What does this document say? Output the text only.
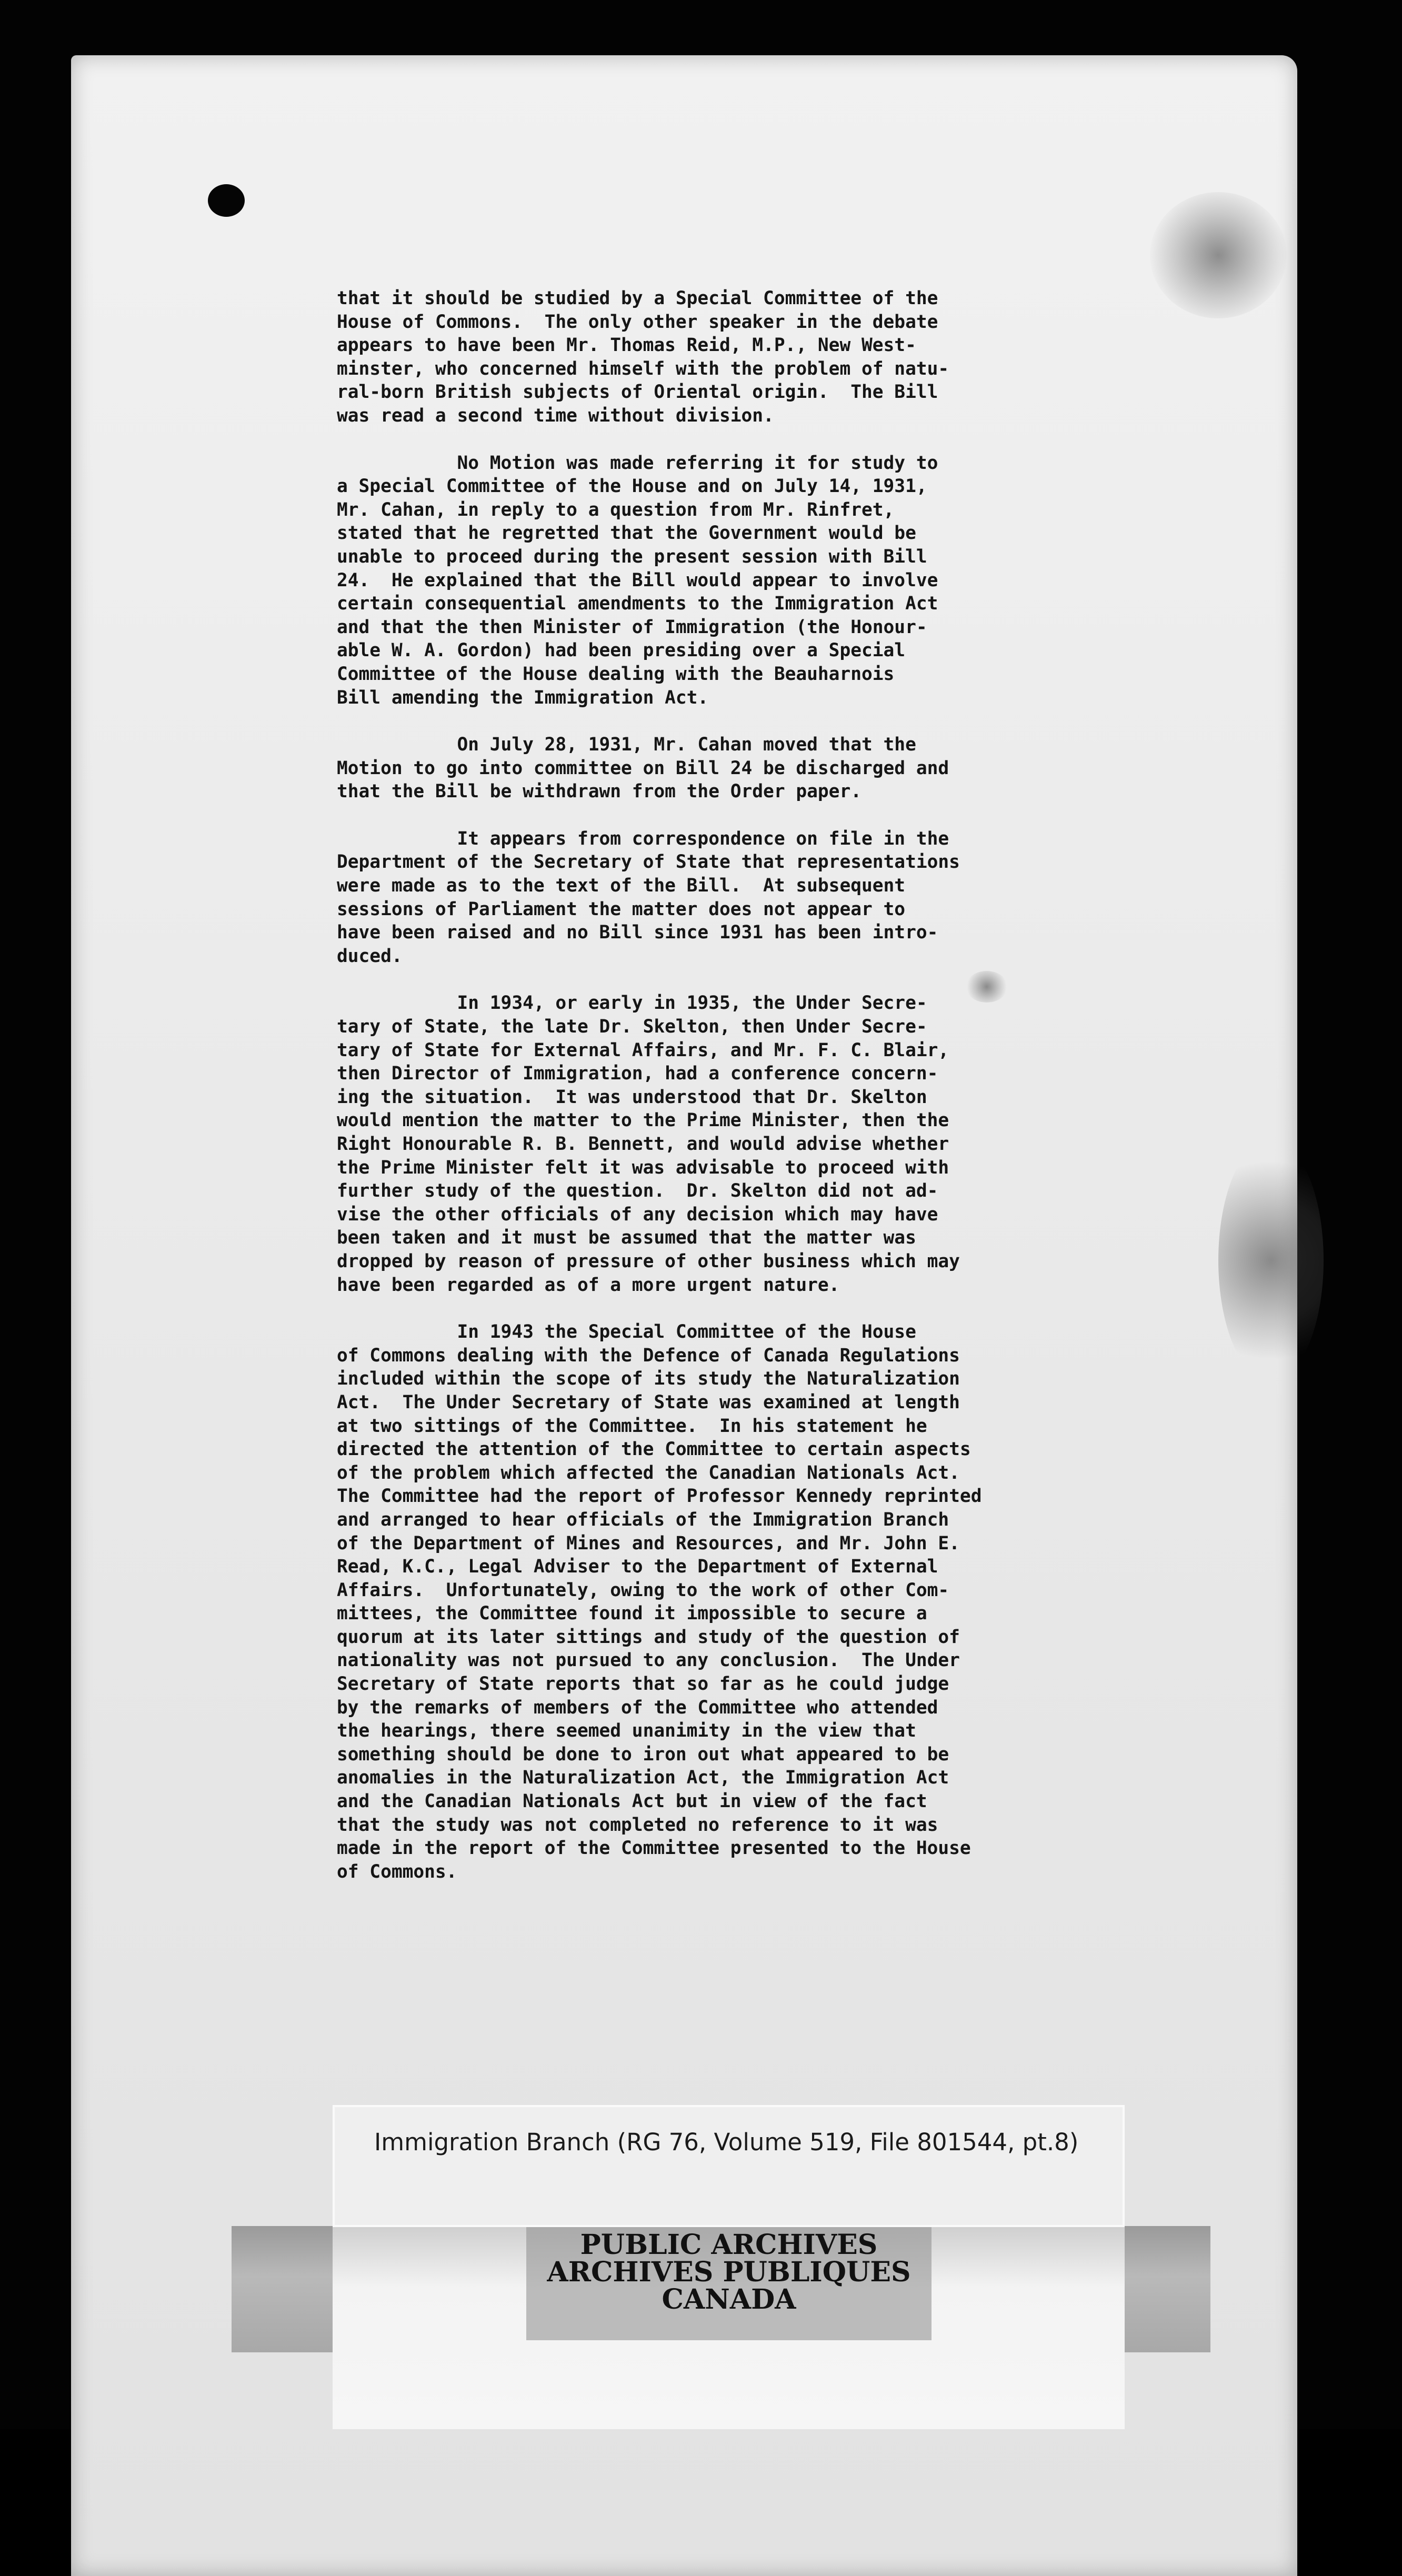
that it should be studied by a Special Committee of the
House of Commons.  The only other speaker in the debate
appears to have been Mr. Thomas Reid, M.P., New West-
minster, who concerned himself with the problem of natu-
ral-born British subjects of Oriental origin.  The Bill
was read a second time without division.
No Motion was made referring it for study to
a Special Committee of the House and on July 14, 1931,
Mr. Cahan, in reply to a question from Mr. Rinfret,
stated that he regretted that the Government would be
unable to proceed during the present session with Bill
24.  He explained that the Bill would appear to involve
certain consequential amendments to the Immigration Act
and that the then Minister of Immigration (the Honour-
able W. A. Gordon) had been presiding over a Special
Committee of the House dealing with the Beauharnois
Bill amending the Immigration Act.
On July 28, 1931, Mr. Cahan moved that the
Motion to go into committee on Bill 24 be discharged and
that the Bill be withdrawn from the Order paper.
It appears from correspondence on file in the
Department of the Secretary of State that representations
were made as to the text of the Bill.  At subsequent
sessions of Parliament the matter does not appear to
have been raised and no Bill since 1931 has been intro-
duced.
In 1934, or early in 1935, the Under Secre-
tary of State, the late Dr. Skelton, then Under Secre-
tary of State for External Affairs, and Mr. F. C. Blair,
then Director of Immigration, had a conference concern-
ing the situation.  It was understood that Dr. Skelton
would mention the matter to the Prime Minister, then the
Right Honourable R. B. Bennett, and would advise whether
the Prime Minister felt it was advisable to proceed with
further study of the question.  Dr. Skelton did not ad-
vise the other officials of any decision which may have
been taken and it must be assumed that the matter was
dropped by reason of pressure of other business which may
have been regarded as of a more urgent nature.
In 1943 the Special Committee of the House
of Commons dealing with the Defence of Canada Regulations
included within the scope of its study the Naturalization
Act.  The Under Secretary of State was examined at length
at two sittings of the Committee.  In his statement he
directed the attention of the Committee to certain aspects
of the problem which affected the Canadian Nationals Act.
The Committee had the report of Professor Kennedy reprinted
and arranged to hear officials of the Immigration Branch
of the Department of Mines and Resources, and Mr. John E.
Read, K.C., Legal Adviser to the Department of External
Affairs.  Unfortunately, owing to the work of other Com-
mittees, the Committee found it impossible to secure a
quorum at its later sittings and study of the question of
nationality was not pursued to any conclusion.  The Under
Secretary of State reports that so far as he could judge
by the remarks of members of the Committee who attended
the hearings, there seemed unanimity in the view that
something should be done to iron out what appeared to be
anomalies in the Naturalization Act, the Immigration Act
and the Canadian Nationals Act but in view of the fact
that the study was not completed no reference to it was
made in the report of the Committee presented to the House
of Commons.
PUBLIC ARCHIVES
ARCHIVES PUBLIQUES
CANADA
Immigration Branch (RG 76, Volume 519, File 801544, pt.8)
